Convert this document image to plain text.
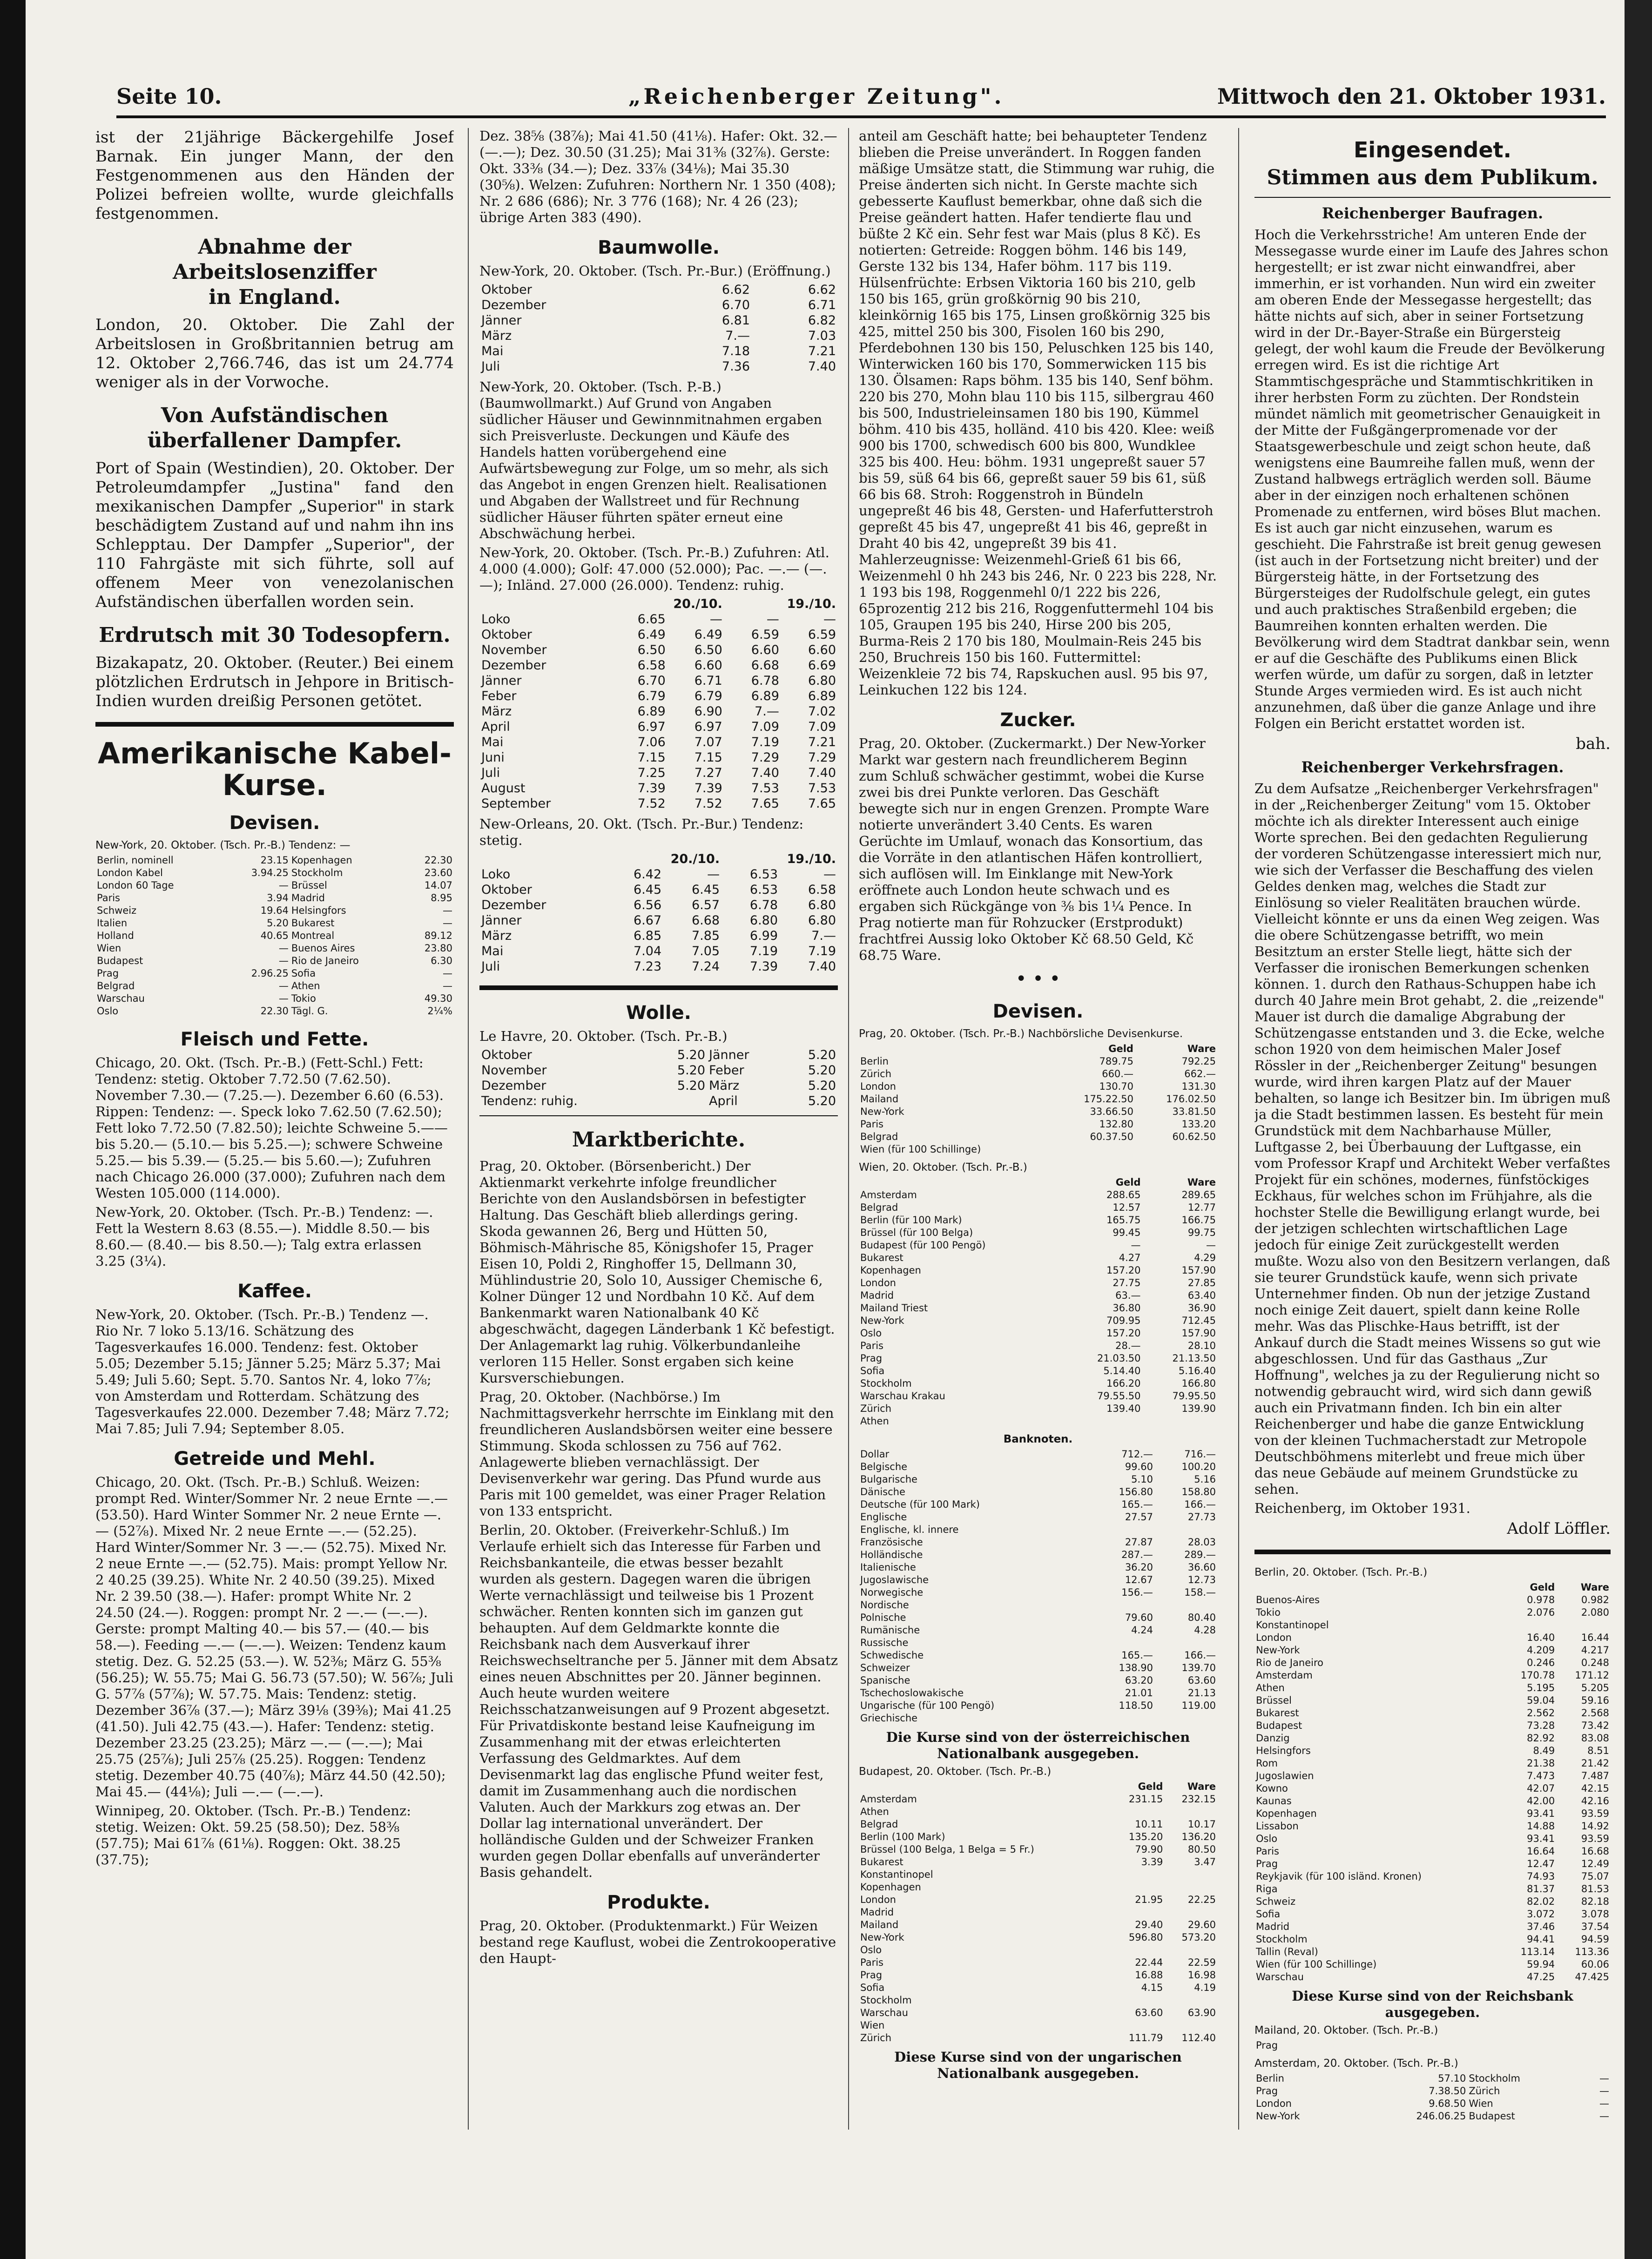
Seite 10.	„Reichenberger Zeitung".	Mittwoch den 21. Oktober 1931.

ist der 21jährige Bäckergehilfe Josef Barnak. Ein junger Mann, der den Festgenommenen aus den Händen der Polizei befreien wollte, wurde gleichfalls festgenommen.

Abnahme der Arbeitslosenziffer
in England.

London, 20. Oktober. Die Zahl der Arbeitslosen in Großbritannien betrug am 12. Oktober 2,766.746, das ist um 24.774 weniger als in der Vorwoche.

Von Aufständischen
überfallener Dampfer.

Port of Spain (Westindien), 20. Oktober. Der Petroleumdampfer „Justina" fand den mexikanischen Dampfer „Superior" in stark beschädigtem Zustand auf und nahm ihn ins Schlepptau. Der Dampfer „Superior", der 110 Fahrgäste mit sich führte, soll auf offenem Meer von venezolanischen Aufständischen überfallen worden sein.

Erdrutsch mit 30 Todesopfern.

Bizakapatz, 20. Oktober. (Reuter.) Bei einem plötzlichen Erdrutsch in Jehpore in Britisch-Indien wurden dreißig Personen getötet.

Amerikanische Kabel-
Kurse.
Devisen.

New-York, 20. Oktober. (Tsch. Pr.-B.) Tendenz: —

Berlin, nominell	23.15	Kopenhagen	22.30
London Kabel	3.94.25	Stockholm	23.60
London 60 Tage	—	Brüssel	14.07
Paris	3.94	Madrid	8.95
Schweiz	19.64	Helsingfors	—
Italien	5.20	Bukarest	—
Holland	40.65	Montreal	89.12
Wien	—	Buenos Aires	23.80
Budapest	—	Rio de Janeiro	6.30
Prag	2.96.25	Sofia	—
Belgrad	—	Athen	—
Warschau	—	Tokio	49.30
Oslo	22.30	Tägl. G.	2¼%
Fleisch und Fette.

Chicago, 20. Okt. (Tsch. Pr.-B.) (Fett-Schl.) Fett: Tendenz: stetig. Oktober 7.72.50 (7.62.50). November 7.30.— (7.25.—). Dezember 6.60 (6.53). Rippen: Tendenz: —. Speck loko 7.62.50 (7.62.50); Fett loko 7.72.50 (7.82.50); leichte Schweine 5.—— bis 5.20.— (5.10.— bis 5.25.—); schwere Schweine 5.25.— bis 5.39.— (5.25.— bis 5.60.—); Zufuhren nach Chicago 26.000 (37.000); Zufuhren nach dem Westen 105.000 (114.000).

New-York, 20. Oktober. (Tsch. Pr.-B.) Tendenz: —. Fett la Western 8.63 (8.55.—). Middle 8.50.— bis 8.60.— (8.40.— bis 8.50.—); Talg extra erlassen 3.25 (3¼).

Kaffee.

New-York, 20. Oktober. (Tsch. Pr.-B.) Tendenz —. Rio Nr. 7 loko 5.13/16. Schätzung des Tagesverkaufes 16.000. Tendenz: fest. Oktober 5.05; Dezember 5.15; Jänner 5.25; März 5.37; Mai 5.49; Juli 5.60; Sept. 5.70. Santos Nr. 4, loko 7⅞; von Amsterdam und Rotterdam. Schätzung des Tagesverkaufes 22.000. Dezember 7.48; März 7.72; Mai 7.85; Juli 7.94; September 8.05.

Getreide und Mehl.

Chicago, 20. Okt. (Tsch. Pr.-B.) Schluß. Weizen: prompt Red. Winter/Sommer Nr. 2 neue Ernte —.— (53.50). Hard Winter Sommer Nr. 2 neue Ernte —.— (52⅞). Mixed Nr. 2 neue Ernte —.— (52.25). Hard Winter/Sommer Nr. 3 —.— (52.75). Mixed Nr. 2 neue Ernte —.— (52.75). Mais: prompt Yellow Nr. 2 40.25 (39.25). White Nr. 2 40.50 (39.25). Mixed Nr. 2 39.50 (38.—). Hafer: prompt White Nr. 2 24.50 (24.—). Roggen: prompt Nr. 2 —.— (—.—). Gerste: prompt Malting 40.— bis 57.— (40.— bis 58.—). Feeding —.— (—.—). Weizen: Tendenz kaum stetig. Dez. G. 52.25 (53.—). W. 52⅜; März G. 55⅜ (56.25); W. 55.75; Mai G. 56.73 (57.50); W. 56⅞; Juli G. 57⅞ (57⅞); W. 57.75. Mais: Tendenz: stetig. Dezember 36⅞ (37.—); März 39⅛ (39⅜); Mai 41.25 (41.50). Juli 42.75 (43.—). Hafer: Tendenz: stetig. Dezember 23.25 (23.25); März —.— (—.—); Mai 25.75 (25⅞); Juli 25⅞ (25.25). Roggen: Tendenz stetig. Dezember 40.75 (40⅞); März 44.50 (42.50); Mai 45.— (44⅛); Juli —.— (—.—).

Winnipeg, 20. Oktober. (Tsch. Pr.-B.) Tendenz: stetig. Weizen: Okt. 59.25 (58.50); Dez. 58⅜ (57.75); Mai 61⅞ (61⅛). Roggen: Okt. 38.25 (37.75);

Dez. 38⅝ (38⅞); Mai 41.50 (41⅛). Hafer: Okt. 32.— (—.—); Dez. 30.50 (31.25); Mai 31⅜ (32⅞). Gerste: Okt. 33⅜ (34.—); Dez. 33⅞ (34⅛); Mai 35.30 (30⅝). Welzen: Zufuhren: Northern Nr. 1 350 (408); Nr. 2 686 (686); Nr. 3 776 (168); Nr. 4 26 (23); übrige Arten 383 (490).

Baumwolle.

New-York, 20. Oktober. (Tsch. Pr.-Bur.) (Eröffnung.)

Oktober	6.62	6.62
Dezember	6.70	6.71
Jänner	6.81	6.82
März	7.—	7.03
Mai	7.18	7.21
Juli	7.36	7.40

New-York, 20. Oktober. (Tsch. P.-B.) (Baumwollmarkt.) Auf Grund von Angaben südlicher Häuser und Gewinnmitnahmen ergaben sich Preisverluste. Deckungen und Käufe des Handels hatten vorübergehend eine Aufwärtsbewegung zur Folge, um so mehr, als sich das Angebot in engen Grenzen hielt. Realisationen und Abgaben der Wallstreet und für Rechnung südlicher Häuser führten später erneut eine Abschwächung herbei.

New-York, 20. Oktober. (Tsch. Pr.-B.) Zufuhren: Atl. 4.000 (4.000); Golf: 47.000 (52.000); Pac. —.— (—.—); Inländ. 27.000 (26.000). Tendenz: ruhig.

	20./10.		19./10.	
Loko	6.65	—	—	—
Oktober	6.49	6.49	6.59	6.59
November	6.50	6.50	6.60	6.60
Dezember	6.58	6.60	6.68	6.69
Jänner	6.70	6.71	6.78	6.80
Feber	6.79	6.79	6.89	6.89
März	6.89	6.90	7.—	7.02
April	6.97	6.97	7.09	7.09
Mai	7.06	7.07	7.19	7.21
Juni	7.15	7.15	7.29	7.29
Juli	7.25	7.27	7.40	7.40
August	7.39	7.39	7.53	7.53
September	7.52	7.52	7.65	7.65

New-Orleans, 20. Okt. (Tsch. Pr.-Bur.) Tendenz: stetig.

	20./10.		19./10.	
Loko	6.42	—	6.53	—
Oktober	6.45	6.45	6.53	6.58
Dezember	6.56	6.57	6.78	6.80
Jänner	6.67	6.68	6.80	6.80
März	6.85	7.85	6.99	7.—
Mai	7.04	7.05	7.19	7.19
Juli	7.23	7.24	7.39	7.40
Wolle.

Le Havre, 20. Oktober. (Tsch. Pr.-B.)

Oktober	5.20	Jänner	5.20
November	5.20	Feber	5.20
Dezember	5.20	März	5.20
Tendenz: ruhig.		April	5.20
Marktberichte.

Prag, 20. Oktober. (Börsenbericht.) Der Aktienmarkt verkehrte infolge freundlicher Berichte von den Auslandsbörsen in befestigter Haltung. Das Geschäft blieb allerdings gering. Skoda gewannen 26, Berg und Hütten 50, Böhmisch-Mährische 85, Königshofer 15, Prager Eisen 10, Poldi 2, Ringhoffer 15, Dellmann 30, Mühlindustrie 20, Solo 10, Aussiger Chemische 6, Kolner Dünger 12 und Nordbahn 10 Kč. Auf dem Bankenmarkt waren Nationalbank 40 Kč abgeschwächt, dagegen Länderbank 1 Kč befestigt. Der Anlagemarkt lag ruhig. Völkerbundanleihe verloren 115 Heller. Sonst ergaben sich keine Kursverschiebungen.

Prag, 20. Oktober. (Nachbörse.) Im Nachmittagsverkehr herrschte im Einklang mit den freundlicheren Auslandsbörsen weiter eine bessere Stimmung. Skoda schlossen zu 756 auf 762. Anlagewerte blieben vernachlässigt. Der Devisenverkehr war gering. Das Pfund wurde aus Paris mit 100 gemeldet, was einer Prager Relation von 133 entspricht.

Berlin, 20. Oktober. (Freiverkehr-Schluß.) Im Verlaufe erhielt sich das Interesse für Farben und Reichsbankanteile, die etwas besser bezahlt wurden als gestern. Dagegen waren die übrigen Werte vernachlässigt und teilweise bis 1 Prozent schwächer. Renten konnten sich im ganzen gut behaupten. Auf dem Geldmarkte konnte die Reichsbank nach dem Ausverkauf ihrer Reichswechseltranche per 5. Jänner mit dem Absatz eines neuen Abschnittes per 20. Jänner beginnen. Auch heute wurden weitere Reichsschatzanweisungen auf 9 Prozent abgesetzt. Für Privatdiskonte bestand leise Kaufneigung im Zusammenhang mit der etwas erleichterten Verfassung des Geldmarktes. Auf dem Devisenmarkt lag das englische Pfund weiter fest, damit im Zusammenhang auch die nordischen Valuten. Auch der Markkurs zog etwas an. Der Dollar lag international unverändert. Der holländische Gulden und der Schweizer Franken wurden gegen Dollar ebenfalls auf unveränderter Basis gehandelt.

Produkte.

Prag, 20. Oktober. (Produktenmarkt.) Für Weizen bestand rege Kauflust, wobei die Zentrokooperative den Haupt-

anteil am Geschäft hatte; bei behaupteter Tendenz blieben die Preise unverändert. In Roggen fanden mäßige Umsätze statt, die Stimmung war ruhig, die Preise änderten sich nicht. In Gerste machte sich gebesserte Kauflust bemerkbar, ohne daß sich die Preise geändert hatten. Hafer tendierte flau und büßte 2 Kč ein. Sehr fest war Mais (plus 8 Kč). Es notierten: Getreide: Roggen böhm. 146 bis 149, Gerste 132 bis 134, Hafer böhm. 117 bis 119. Hülsenfrüchte: Erbsen Viktoria 160 bis 210, gelb 150 bis 165, grün großkörnig 90 bis 210, kleinkörnig 165 bis 175, Linsen großkörnig 325 bis 425, mittel 250 bis 300, Fisolen 160 bis 290, Pferdebohnen 130 bis 150, Peluschken 125 bis 140, Winterwicken 160 bis 170, Sommerwicken 115 bis 130. Ölsamen: Raps böhm. 135 bis 140, Senf böhm. 220 bis 270, Mohn blau 110 bis 115, silbergrau 460 bis 500, Industrieleinsamen 180 bis 190, Kümmel böhm. 410 bis 435, holländ. 410 bis 420. Klee: weiß 900 bis 1700, schwedisch 600 bis 800, Wundklee 325 bis 400. Heu: böhm. 1931 ungepreßt sauer 57 bis 59, süß 64 bis 66, gepreßt sauer 59 bis 61, süß 66 bis 68. Stroh: Roggenstroh in Bündeln ungepreßt 46 bis 48, Gersten- und Haferfutterstroh gepreßt 45 bis 47, ungepreßt 41 bis 46, gepreßt in Draht 40 bis 42, ungepreßt 39 bis 41. Mahlerzeugnisse: Weizenmehl-Grieß 61 bis 66, Weizenmehl 0 hh 243 bis 246, Nr. 0 223 bis 228, Nr. 1 193 bis 198, Roggenmehl 0/1 222 bis 226, 65prozentig 212 bis 216, Roggenfuttermehl 104 bis 105, Graupen 195 bis 240, Hirse 200 bis 205, Burma-Reis 2 170 bis 180, Moulmain-Reis 245 bis 250, Bruchreis 150 bis 160. Futtermittel: Weizenkleie 72 bis 74, Rapskuchen ausl. 95 bis 97, Leinkuchen 122 bis 124.

Zucker.

Prag, 20. Oktober. (Zuckermarkt.) Der New-Yorker Markt war gestern nach freundlicherem Beginn zum Schluß schwächer gestimmt, wobei die Kurse zwei bis drei Punkte verloren. Das Geschäft bewegte sich nur in engen Grenzen. Prompte Ware notierte unverändert 3.40 Cents. Es waren Gerüchte im Umlauf, wonach das Konsortium, das die Vorräte in den atlantischen Häfen kontrolliert, sich auflösen will. Im Einklange mit New-York eröffnete auch London heute schwach und es ergaben sich Rückgänge von ⅜ bis 1¼ Pence. In Prag notierte man für Rohzucker (Erstprodukt) frachtfrei Aussig loko Oktober Kč 68.50 Geld, Kč 68.75 Ware.

• • •
Devisen.

Prag, 20. Oktober. (Tsch. Pr.-B.) Nachbörsliche Devisenkurse.

	Geld	Ware
Berlin	789.75	792.25
Zürich	660.—	662.—
London	130.70	131.30
Mailand	175.22.50	176.02.50
New-York	33.66.50	33.81.50
Paris	132.80	133.20
Belgrad	60.37.50	60.62.50
Wien (für 100 Schillinge)		

Wien, 20. Oktober. (Tsch. Pr.-B.)

	Geld	Ware
Amsterdam	288.65	289.65
Belgrad	12.57	12.77
Berlin (für 100 Mark)	165.75	166.75
Brüssel (für 100 Belga)	99.45	99.75
Budapest (für 100 Pengö)	—	—
Bukarest	4.27	4.29
Kopenhagen	157.20	157.90
London	27.75	27.85
Madrid	63.—	63.40
Mailand Triest	36.80	36.90
New-York	709.95	712.45
Oslo	157.20	157.90
Paris	28.—	28.10
Prag	21.03.50	21.13.50
Sofia	5.14.40	5.16.40
Stockholm	166.20	166.80
Warschau Krakau	79.55.50	79.95.50
Zürich	139.40	139.90
Athen		

Banknoten.

Dollar	712.—	716.—
Belgische	99.60	100.20
Bulgarische	5.10	5.16
Dänische	156.80	158.80
Deutsche (für 100 Mark)	165.—	166.—
Englische	27.57	27.73
Englische, kl. innere		
Französische	27.87	28.03
Holländische	287.—	289.—
Italienische	36.20	36.60
Jugoslawische	12.67	12.73
Norwegische	156.—	158.—
Nordische		
Polnische	79.60	80.40
Rumänische	4.24	4.28
Russische		
Schwedische	165.—	166.—
Schweizer	138.90	139.70
Spanische	63.20	63.60
Tschechoslowakische	21.01	21.13
Ungarische (für 100 Pengö)	118.50	119.00
Griechische		

Die Kurse sind von der österreichischen Nationalbank ausgegeben.

Budapest, 20. Oktober. (Tsch. Pr.-B.)

	Geld	Ware
Amsterdam	231.15	232.15
Athen		
Belgrad	10.11	10.17
Berlin (100 Mark)	135.20	136.20
Brüssel (100 Belga, 1 Belga = 5 Fr.)	79.90	80.50
Bukarest	3.39	3.47
Konstantinopel		
Kopenhagen		
London	21.95	22.25
Madrid		
Mailand	29.40	29.60
New-York	596.80	573.20
Oslo		
Paris	22.44	22.59
Prag	16.88	16.98
Sofia	4.15	4.19
Stockholm		
Warschau	63.60	63.90
Wien		
Zürich	111.79	112.40

Diese Kurse sind von der ungarischen Nationalbank ausgegeben.

Eingesendet.
Stimmen aus dem Publikum.
Reichenberger Baufragen.

Hoch die Verkehrsstriche! Am unteren Ende der Messegasse wurde einer im Laufe des Jahres schon hergestellt; er ist zwar nicht einwandfrei, aber immerhin, er ist vorhanden. Nun wird ein zweiter am oberen Ende der Messegasse hergestellt; das hätte nichts auf sich, aber in seiner Fortsetzung wird in der Dr.-Bayer-Straße ein Bürgersteig gelegt, der wohl kaum die Freude der Bevölkerung erregen wird. Es ist die richtige Art Stammtischgespräche und Stammtischkritiken in ihrer herbsten Form zu züchten. Der Rondstein mündet nämlich mit geometrischer Genauigkeit in der Mitte der Fußgängerpromenade vor der Staatsgewerbeschule und zeigt schon heute, daß wenigstens eine Baumreihe fallen muß, wenn der Zustand halbwegs erträglich werden soll. Bäume aber in der einzigen noch erhaltenen schönen Promenade zu entfernen, wird böses Blut machen. Es ist auch gar nicht einzusehen, warum es geschieht. Die Fahrstraße ist breit genug gewesen (ist auch in der Fortsetzung nicht breiter) und der Bürgersteig hätte, in der Fortsetzung des Bürgersteiges der Rudolfschule gelegt, ein gutes und auch praktisches Straßenbild ergeben; die Baumreihen konnten erhalten werden. Die Bevölkerung wird dem Stadtrat dankbar sein, wenn er auf die Geschäfte des Publikums einen Blick werfen würde, um dafür zu sorgen, daß in letzter Stunde Arges vermieden wird. Es ist auch nicht anzunehmen, daß über die ganze Anlage und ihre Folgen ein Bericht erstattet worden ist.

bah.
Reichenberger Verkehrsfragen.

Zu dem Aufsatze „Reichenberger Verkehrsfragen" in der „Reichenberger Zeitung" vom 15. Oktober möchte ich als direkter Interessent auch einige Worte sprechen. Bei den gedachten Regulierung der vorderen Schützengasse interessiert mich nur, wie sich der Verfasser die Beschaffung des vielen Geldes denken mag, welches die Stadt zur Einlösung so vieler Realitäten brauchen würde. Vielleicht könnte er uns da einen Weg zeigen. Was die obere Schützengasse betrifft, wo mein Besitztum an erster Stelle liegt, hätte sich der Verfasser die ironischen Bemerkungen schenken können. 1. durch den Rathaus-Schuppen habe ich durch 40 Jahre mein Brot gehabt, 2. die „reizende" Mauer ist durch die damalige Abgrabung der Schützengasse entstanden und 3. die Ecke, welche schon 1920 von dem heimischen Maler Josef Rössler in der „Reichenberger Zeitung" besungen wurde, wird ihren kargen Platz auf der Mauer behalten, so lange ich Besitzer bin. Im übrigen muß ja die Stadt bestimmen lassen. Es besteht für mein Grundstück mit dem Nachbarhause Müller, Luftgasse 2, bei Überbauung der Luftgasse, ein vom Professor Krapf und Architekt Weber verfaßtes Projekt für ein schönes, modernes, fünfstöckiges Eckhaus, für welches schon im Frühjahre, als die hochster Stelle die Bewilligung erlangt wurde, bei der jetzigen schlechten wirtschaftlichen Lage jedoch für einige Zeit zurückgestellt werden mußte. Wozu also von den Besitzern verlangen, daß sie teurer Grundstück kaufe, wenn sich private Unternehmer finden. Ob nun der jetzige Zustand noch einige Zeit dauert, spielt dann keine Rolle mehr. Was das Plischke-Haus betrifft, ist der Ankauf durch die Stadt meines Wissens so gut wie abgeschlossen. Und für das Gasthaus „Zur Hoffnung", welches ja zu der Regulierung nicht so notwendig gebraucht wird, wird sich dann gewiß auch ein Privatmann finden. Ich bin ein alter Reichenberger und habe die ganze Entwicklung von der kleinen Tuchmacherstadt zur Metropole Deutschböhmens miterlebt und freue mich über das neue Gebäude auf meinem Grundstücke zu sehen.

Reichenberg, im Oktober 1931.

Adolf Löffler.

Berlin, 20. Oktober. (Tsch. Pr.-B.)

	Geld	Ware
Buenos-Aires	0.978	0.982
Tokio	2.076	2.080
Konstantinopel		
London	16.40	16.44
New-York	4.209	4.217
Rio de Janeiro	0.246	0.248
Amsterdam	170.78	171.12
Athen	5.195	5.205
Brüssel	59.04	59.16
Bukarest	2.562	2.568
Budapest	73.28	73.42
Danzig	82.92	83.08
Helsingfors	8.49	8.51
Rom	21.38	21.42
Jugoslawien	7.473	7.487
Kowno	42.07	42.15
Kaunas	42.00	42.16
Kopenhagen	93.41	93.59
Lissabon	14.88	14.92
Oslo	93.41	93.59
Paris	16.64	16.68
Prag	12.47	12.49
Reykjavik (für 100 isländ. Kronen)	74.93	75.07
Riga	81.37	81.53
Schweiz	82.02	82.18
Sofia	3.072	3.078
Madrid	37.46	37.54
Stockholm	94.41	94.59
Tallin (Reval)	113.14	113.36
Wien (für 100 Schillinge)	59.94	60.06
Warschau	47.25	47.425

Diese Kurse sind von der Reichsbank ausgegeben.

Mailand, 20. Oktober. (Tsch. Pr.-B.)

Prag		

Amsterdam, 20. Oktober. (Tsch. Pr.-B.)

Berlin	57.10	Stockholm	—
Prag	7.38.50	Zürich	—
London	9.68.50	Wien	—
New-York	246.06.25	Budapest	—
